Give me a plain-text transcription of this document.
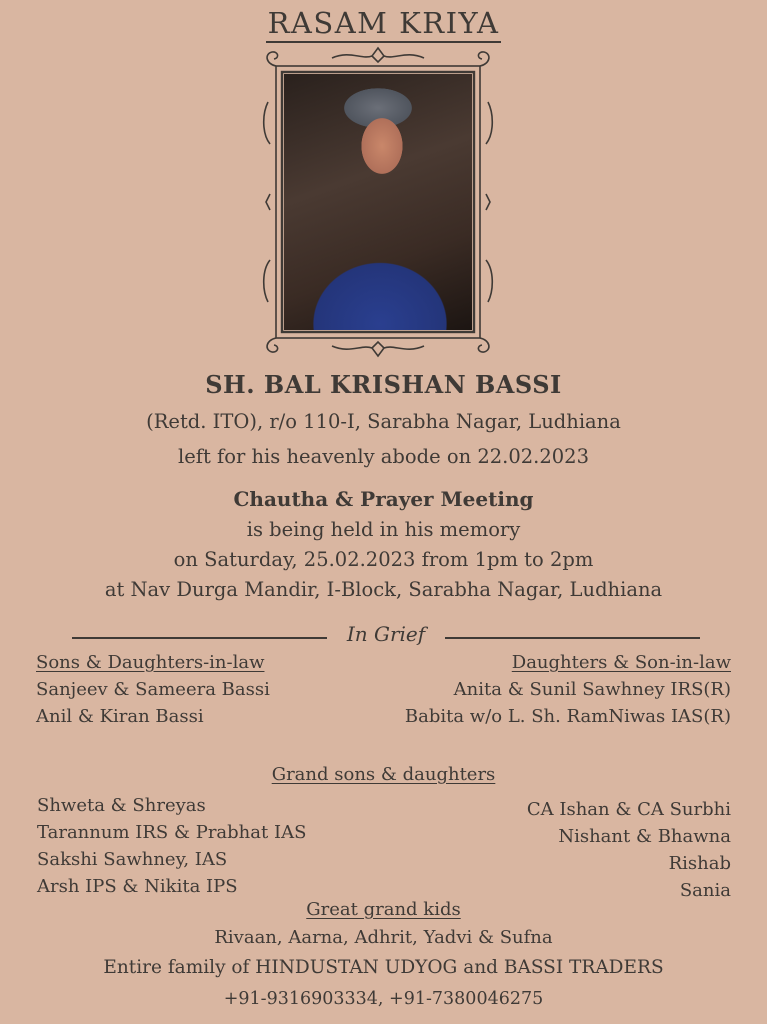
RASAM KRIYA
SH. BAL KRISHAN BASSI
(Retd. ITO), r/o 110-I, Sarabha Nagar, Ludhiana
left for his heavenly abode on 22.02.2023
Chautha & Prayer Meeting
is being held in his memory
on Saturday, 25.02.2023 from 1pm to 2pm
at Nav Durga Mandir, I-Block, Sarabha Nagar, Ludhiana
In Grief
Sons & Daughters-in-law
Sanjeev & Sameera Bassi
Anil & Kiran Bassi
Daughters & Son-in-law
Anita & Sunil Sawhney IRS(R)
Babita w/o L. Sh. RamNiwas IAS(R)
Grand sons & daughters
Shweta & Shreyas
Tarannum IRS & Prabhat IAS
Sakshi Sawhney, IAS
Arsh IPS & Nikita IPS
CA Ishan & CA Surbhi
Nishant & Bhawna
Rishab
Sania
Great grand kids
Rivaan, Aarna, Adhrit, Yadvi & Sufna
Entire family of HINDUSTAN UDYOG and BASSI TRADERS
+91-9316903334, +91-7380046275
